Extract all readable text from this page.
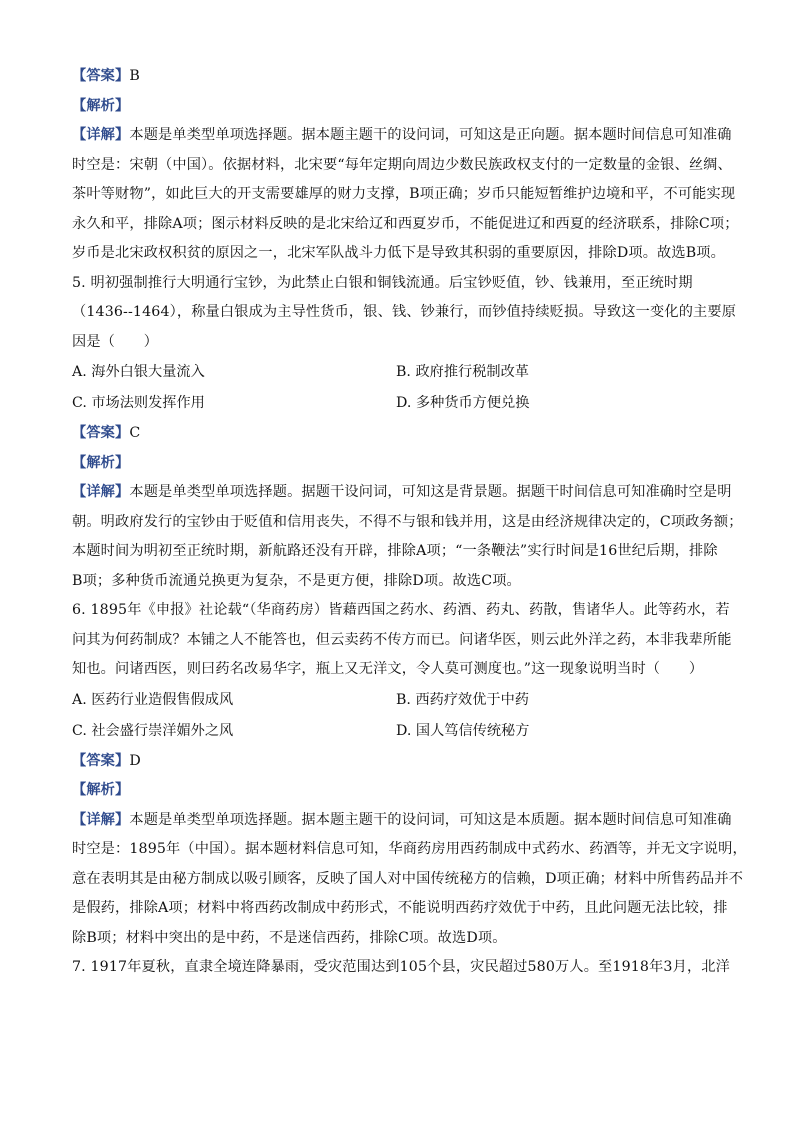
【答案】B
【解析】
【详解】本题是单类型单项选择题。据本题主题干的设问词，可知这是正向题。据本题时间信息可知准确
时空是：宋朝（中国）。依据材料，北宋要“每年定期向周边少数民族政权支付的一定数量的金银、丝绸、
茶叶等财物”，如此巨大的开支需要雄厚的财力支撑，B项正确；岁币只能短暂维护边境和平，不可能实现
永久和平，排除A项；图示材料反映的是北宋给辽和西夏岁币，不能促进辽和西夏的经济联系，排除C项；
岁币是北宋政权积贫的原因之一，北宋军队战斗力低下是导致其积弱的重要原因，排除D项。故选B项。
5. 明初强制推行大明通行宝钞，为此禁止白银和铜钱流通。后宝钞贬值，钞、钱兼用，至正统时期
（1436--1464），称量白银成为主导性货币，银、钱、钞兼行，而钞值持续贬损。导致这一变化的主要原
因是（　　）
A. 海外白银大量流入	B. 政府推行税制改革
C. 市场法则发挥作用	D. 多种货币方便兑换
【答案】C
【解析】
【详解】本题是单类型单项选择题。据题干设问词，可知这是背景题。据题干时间信息可知准确时空是明
朝。明政府发行的宝钞由于贬值和信用丧失，不得不与银和钱并用，这是由经济规律决定的，C项政务额；
本题时间为明初至正统时期，新航路还没有开辟，排除A项；“一条鞭法”实行时间是16世纪后期，排除
B项；多种货币流通兑换更为复杂，不是更方便，排除D项。故选C项。
6. 1895年《申报》社论载“（华商药房）皆藉西国之药水、药酒、药丸、药散，售诸华人。此等药水，若
问其为何药制成？本铺之人不能答也，但云卖药不传方而已。问诸华医，则云此外洋之药，本非我辈所能
知也。问诸西医，则曰药名改易华字，瓶上又无洋文，令人莫可测度也。”这一现象说明当时（　　）
A. 医药行业造假售假成风	B. 西药疗效优于中药
C. 社会盛行崇洋媚外之风	D. 国人笃信传统秘方
【答案】D
【解析】
【详解】本题是单类型单项选择题。据本题主题干的设问词，可知这是本质题。据本题时间信息可知准确
时空是：1895年（中国）。据本题材料信息可知，华商药房用西药制成中式药水、药酒等，并无文字说明，
意在表明其是由秘方制成以吸引顾客，反映了国人对中国传统秘方的信赖，D项正确；材料中所售药品并不
是假药，排除A项；材料中将西药改制成中药形式，不能说明西药疗效优于中药，且此问题无法比较，排
除B项；材料中突出的是中药，不是迷信西药，排除C项。故选D项。
7. 1917年夏秋，直隶全境连降暴雨，受灾范围达到105个县，灾民超过580万人。至1918年3月，北洋
